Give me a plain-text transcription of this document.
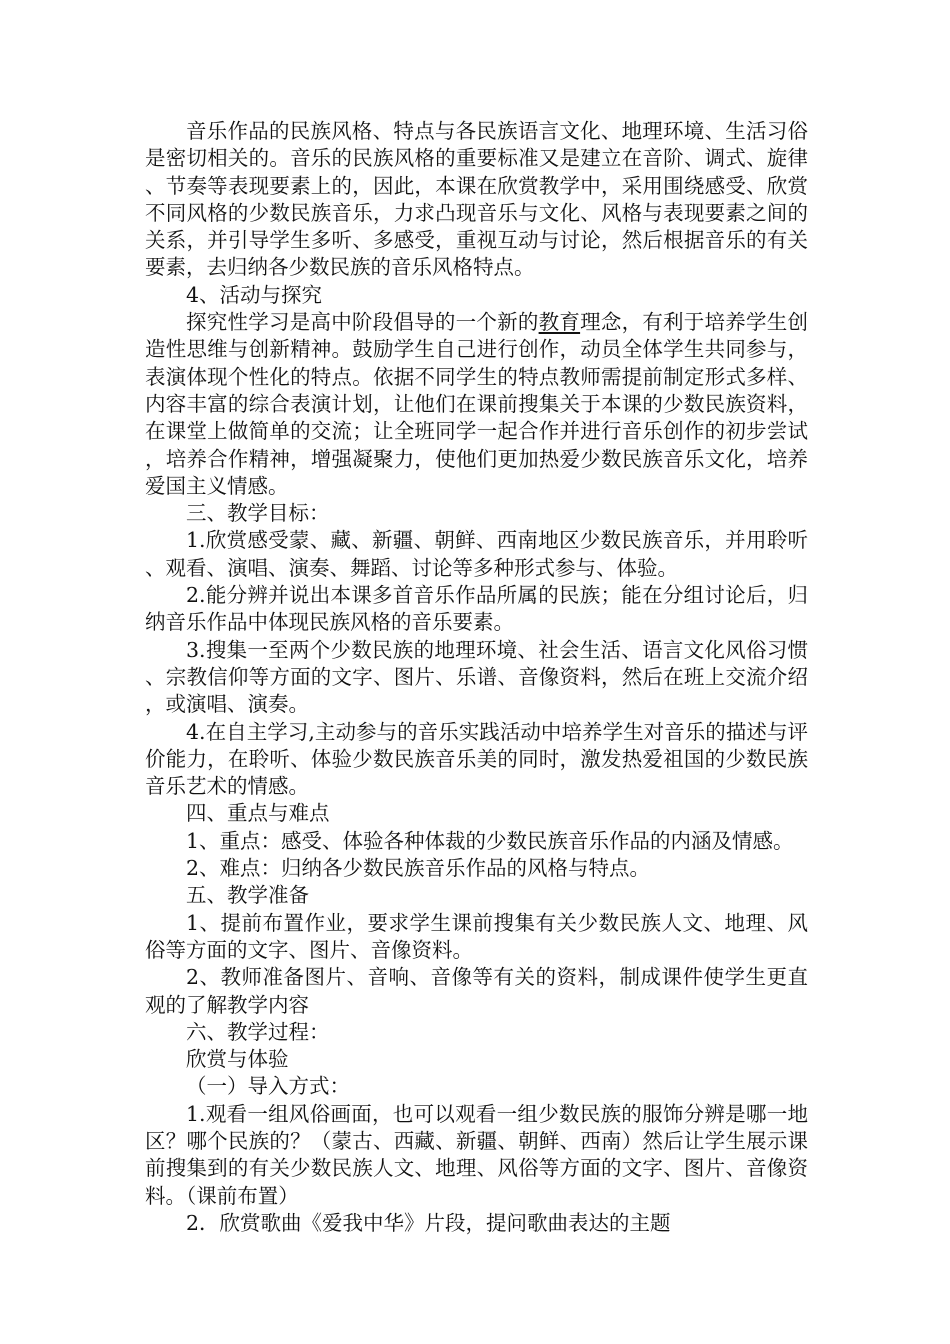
音乐作品的民族风格、特点与各民族语言文化、地理环境、生活习俗是密切相关的。音乐的民族风格的重要标准又是建立在音阶、调式、旋律、节奏等表现要素上的，因此，本课在欣赏教学中，采用围绕感受、欣赏不同风格的少数民族音乐，力求凸现音乐与文化、风格与表现要素之间的关系，并引导学生多听、多感受，重视互动与讨论，然后根据音乐的有关要素，去归纳各少数民族的音乐风格特点。

4、活动与探究

探究性学习是高中阶段倡导的一个新的教育理念，有利于培养学生创造性思维与创新精神。鼓励学生自己进行创作，动员全体学生共同参与，表演体现个性化的特点。依据不同学生的特点教师需提前制定形式多样、内容丰富的综合表演计划，让他们在课前搜集关于本课的少数民族资料，在课堂上做简单的交流；让全班同学一起合作并进行音乐创作的初步尝试，培养合作精神，增强凝聚力，使他们更加热爱少数民族音乐文化，培养爱国主义情感。

三、教学目标：

1.欣赏感受蒙、藏、新疆、朝鲜、西南地区少数民族音乐，并用聆听、观看、演唱、演奏、舞蹈、讨论等多种形式参与、体验。

2.能分辨并说出本课多首音乐作品所属的民族；能在分组讨论后，归纳音乐作品中体现民族风格的音乐要素。

3.搜集一至两个少数民族的地理环境、社会生活、语言文化风俗习惯、宗教信仰等方面的文字、图片、乐谱、音像资料，然后在班上交流介绍，或演唱、演奏。

4.在自主学习,主动参与的音乐实践活动中培养学生对音乐的描述与评价能力，在聆听、体验少数民族音乐美的同时，激发热爱祖国的少数民族音乐艺术的情感。

四、重点与难点

1、重点：感受、体验各种体裁的少数民族音乐作品的内涵及情感。

2、难点：归纳各少数民族音乐作品的风格与特点。

五、教学准备

1、提前布置作业，要求学生课前搜集有关少数民族人文、地理、风俗等方面的文字、图片、音像资料。

2、教师准备图片、音响、音像等有关的资料，制成课件使学生更直观的了解教学内容

六、教学过程：

欣赏与体验

（一）导入方式：

1.观看一组风俗画面，也可以观看一组少数民族的服饰分辨是哪一地区？哪个民族的？（蒙古、西藏、新疆、朝鲜、西南）然后让学生展示课前搜集到的有关少数民族人文、地理、风俗等方面的文字、图片、音像资料。（课前布置）

2．欣赏歌曲《爱我中华》片段，提问歌曲表达的主题
